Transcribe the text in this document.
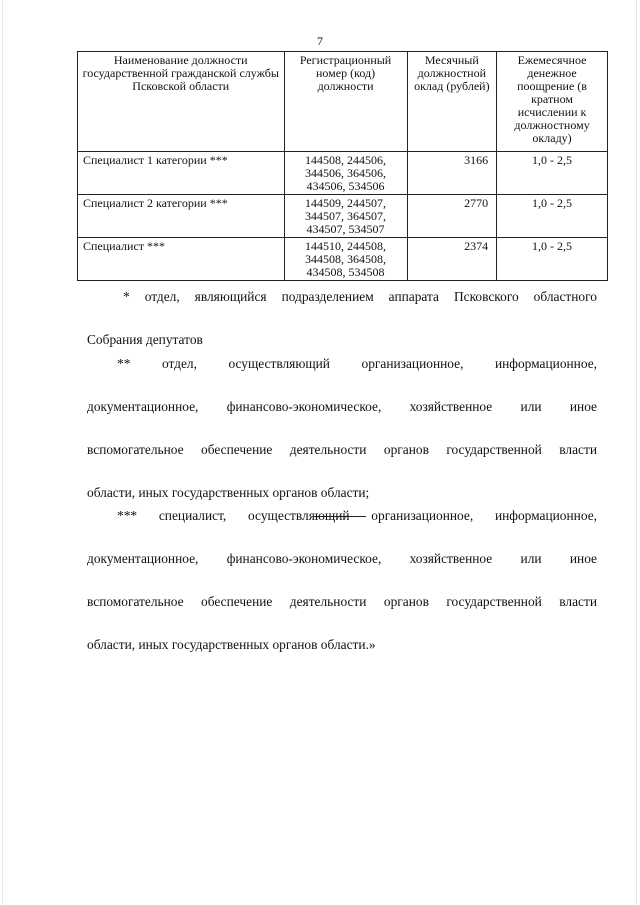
7
Наименование должности государственной гражданской службы Псковской области	Регистрационный номер (код) должности	Месячный должностной оклад (рублей)	Ежемесячное денежное поощрение (в кратном исчислении к должностному окладу)
Специалист 1 категории ***	144508, 244506, 344506, 364506, 434506, 534506	3166	1,0 - 2,5
Специалист 2 категории ***	144509, 244507, 344507, 364507, 434507, 534507	2770	1,0 - 2,5
Специалист ***	144510, 244508, 344508, 364508, 434508, 534508	2374	1,0 - 2,5

* отдел, являющийся подразделением аппарата Псковского областного

Собрания депутатов

** отдел, осуществляющий организационное, информационное,

документационное, финансово-экономическое, хозяйственное или иное

вспомогательное обеспечение деятельности органов государственной власти

области, иных государственных органов области;

*** специалист, осуществляющий организационное, информационное,

документационное, финансово-экономическое, хозяйственное или иное

вспомогательное обеспечение деятельности органов государственной власти

области, иных государственных органов области.»
